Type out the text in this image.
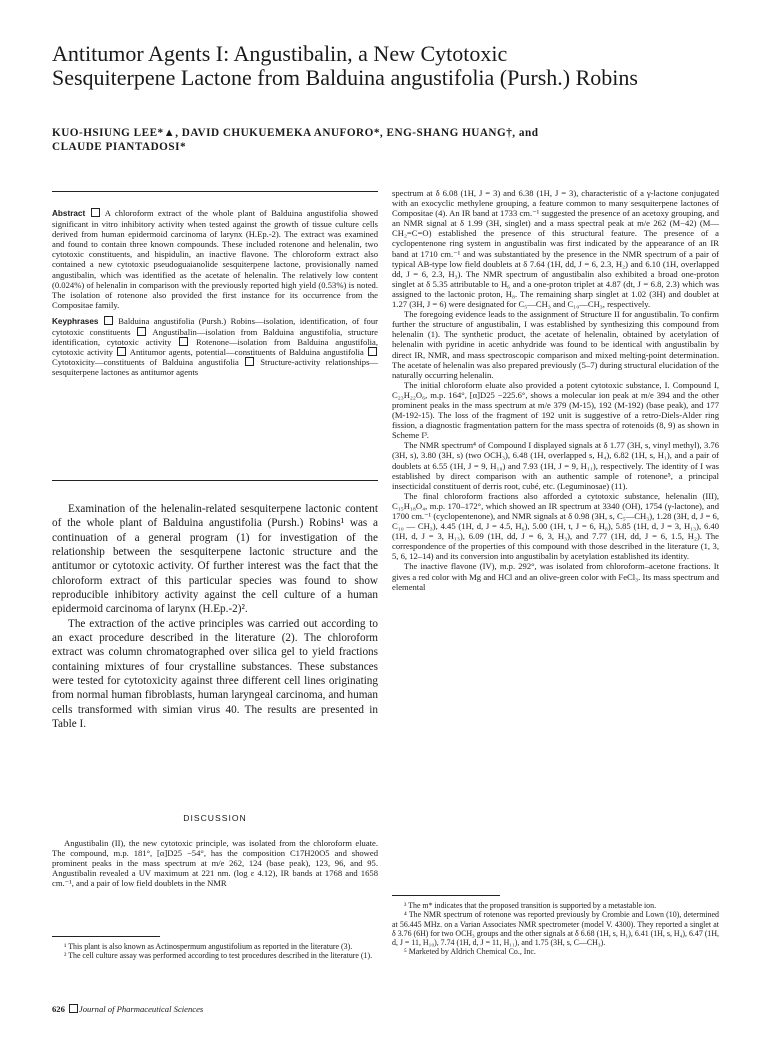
Antitumor Agents I: Angustibalin, a New Cytotoxic
Sesquiterpene Lactone from Balduina angustifolia (Pursh.) Robins

KUO-HSIUNG LEE*▲, DAVID CHUKUEMEKA ANUFORO*, ENG-SHANG HUANG†, and
CLAUDE PIANTADOSI*

Abstract A chloroform extract of the whole plant of Balduina angustifolia showed significant in vitro inhibitory activity when tested against the growth of tissue culture cells derived from human epidermoid carcinoma of larynx (H.Ep.-2). The extract was examined and found to contain three known compounds. These included rotenone and helenalin, two cytotoxic constituents, and hispidulin, an inactive flavone. The chloroform extract also contained a new cytotoxic pseudoguaianolide sesquiterpene lactone, provisionally named angustibalin, which was identified as the acetate of helenalin. The relatively low content (0.024%) of helenalin in comparison with the previously reported high yield (0.53%) is noted. The isolation of rotenone also provided the first instance for its occurrence from the Compositae family.

Keyphrases Balduina angustifolia (Pursh.) Robins—isolation, identification, of four cytotoxic constituents	Angustibalin—isolation from Balduina angustifolia, structure identification, cytotoxic activity	Rotenone—isolation from Balduina angustifolia, cytotoxic activity Antitumor agents, potential—constituents of Balduina angustifolia  Cytotoxicity—constituents of Balduina angustifolia Structure-activity relationships—sesquiterpene lactones as antitumor agents

Examination of the helenalin-related sesquiterpene lactonic content of the whole plant of Balduina angustifolia (Pursh.) Robins¹ was a continuation of a general program (1) for investigation of the relationship between the sesquiterpene lactonic structure and the antitumor or cytotoxic activity. Of further interest was the fact that the chloroform extract of this particular species was found to show reproducible inhibitory activity against the cell culture of a human epidermoid carcinoma of larynx (H.Ep.-2)².

The extraction of the active principles was carried out according to an exact procedure described in the literature (2). The chloroform extract was column chromatographed over silica gel to yield fractions containing mixtures of four crystalline substances. These substances were tested for cytotoxicity against three different cell lines originating from normal human fibroblasts, human laryngeal carcinoma, and human cells transformed with simian virus 40. The results are presented in Table I.

DISCUSSION

Angustibalin (II), the new cytotoxic principle, was isolated from the chloroform eluate. The compound, m.p. 181°, [α]D25 −54°, has the composition C17H20O5 and showed prominent peaks in the mass spectrum at m/e 262, 124 (base peak), 123, 96, and 95. Angustibalin revealed a UV maximum at 221 nm. (log ε 4.12), IR bands at 1768 and 1658 cm.⁻¹, and a pair of low field doublets in the NMR

¹ This plant is also known as Actinospermum angustifolium as reported in the literature (3).

² The cell culture assay was performed according to test procedures described in the literature (1).

spectrum at δ 6.08 (1H, J = 3) and 6.38 (1H, J = 3), characteristic of a γ-lactone conjugated with an exocyclic methylene grouping, a feature common to many sesquiterpene lactones of Compositae (4). An IR band at 1733 cm.⁻¹ suggested the presence of an acetoxy grouping, and an NMR signal at δ 1.99 (3H, singlet) and a mass spectral peak at m/e 262 (M−42) (M—CH₂=C=O) established the presence of this structural feature. The presence of a cyclopentenone ring system in angustibalin was first indicated by the appearance of an IR band at 1710 cm.⁻¹ and was substantiated by the presence in the NMR spectrum of a pair of typical AB-type low field doublets at δ 7.64 (1H, dd, J = 6, 2.3, H₂) and 6.10 (1H, overlapped dd, J = 6, 2.3, H₃). The NMR spectrum of angustibalin also exhibited a broad one-proton singlet at δ 5.35 attributable to H₆ and a one-proton triplet at 4.87 (dt, J = 6.8, 2.3) which was assigned to the lactonic proton, H₈. The remaining sharp singlet at 1.02 (3H) and doublet at 1.27 (3H, J = 6) were designated for C₅—CH₃ and C₁₀—CH₃, respectively.

The foregoing evidence leads to the assignment of Structure II for angustibalin. To confirm further the structure of angustibalin, I was established by synthesizing this compound from helenalin (1). The synthetic product, the acetate of helenalin, obtained by acetylation of helenalin with pyridine in acetic anhydride was found to be identical with angustibalin by direct IR, NMR, and mass spectroscopic comparison and mixed melting-point determination. The acetate of helenalin was also prepared previously (5–7) during structural elucidation of the naturally occurring helenalin.

The initial chloroform eluate also provided a potent cytotoxic substance, I. Compound I, C₂₃H₂₂O₆, m.p. 164°, [α]D25 −225.6°, shows a molecular ion peak at m/e 394 and the other prominent peaks in the mass spectrum at m/e 379 (M-15), 192 (M-192) (base peak), and 177 (M-192-15). The loss of the fragment of 192 unit is suggestive of a retro-Diels-Alder ring fission, a diagnostic fragmentation pattern for the mass spectra of rotenoids (8, 9) as shown in Scheme I³.

The NMR spectrum⁴ of Compound I displayed signals at δ 1.77 (3H, s, vinyl methyl), 3.76 (3H, s), 3.80 (3H, s) (two OCH₃), 6.48 (1H, overlapped s, H₄), 6.82 (1H, s, H₁), and a pair of doublets at 6.55 (1H, J = 9, H₁₀) and 7.93 (1H, J = 9, H₁₁), respectively. The identity of I was established by direct comparison with an authentic sample of rotenone⁵, a principal insecticidal constituent of derris root, cubé, etc. (Leguminosae) (11).

The final chloroform fractions also afforded a cytotoxic substance, helenalin (III), C₁₅H₁₈O₄, m.p. 170–172°, which showed an IR spectrum at 3340 (OH), 1754 (γ-lactone), and 1700 cm.⁻¹ (cyclopentenone), and NMR signals at δ 0.98 (3H, s, C₅—CH₃), 1.28 (3H, d, J = 6, C₁₀ — CH₃), 4.45 (1H, d, J = 4.5, H₆), 5.00 (1H, t, J = 6, H₈), 5.85 (1H, d, J = 3, H₁₃), 6.40 (1H, d, J = 3, H₁₃), 6.09 (1H, dd, J = 6, 3, H₃), and 7.77 (1H, dd, J = 6, 1.5, H₂). The correspondence of the properties of this compound with those described in the literature (1, 3, 5, 6, 12–14) and its conversion into angustibalin by acetylation established its identity.

The inactive flavone (IV), m.p. 292°, was isolated from chloroform–acetone fractions. It gives a red color with Mg and HCl and an olive-green color with FeCl₃. Its mass spectrum and elemental

³ The m* indicates that the proposed transition is supported by a metastable ion.

⁴ The NMR spectrum of rotenone was reported previously by Crombie and Lown (10), determined at 56.445 MHz. on a Varian Associates NMR spectrometer (model V. 4300). They reported a singlet at δ 3.76 (6H) for two OCH₃ groups and the other signals at δ 6.68 (1H, s, H₁), 6.41 (1H, s, H₄), 6.47 (1H, d, J = 11, H₁₀), 7.74 (1H, d, J = 11, H₁₁), and 1.75 (3H, s, C—CH₃).

⁵ Marketed by Aldrich Chemical Co., Inc.

626 Journal of Pharmaceutical Sciences
